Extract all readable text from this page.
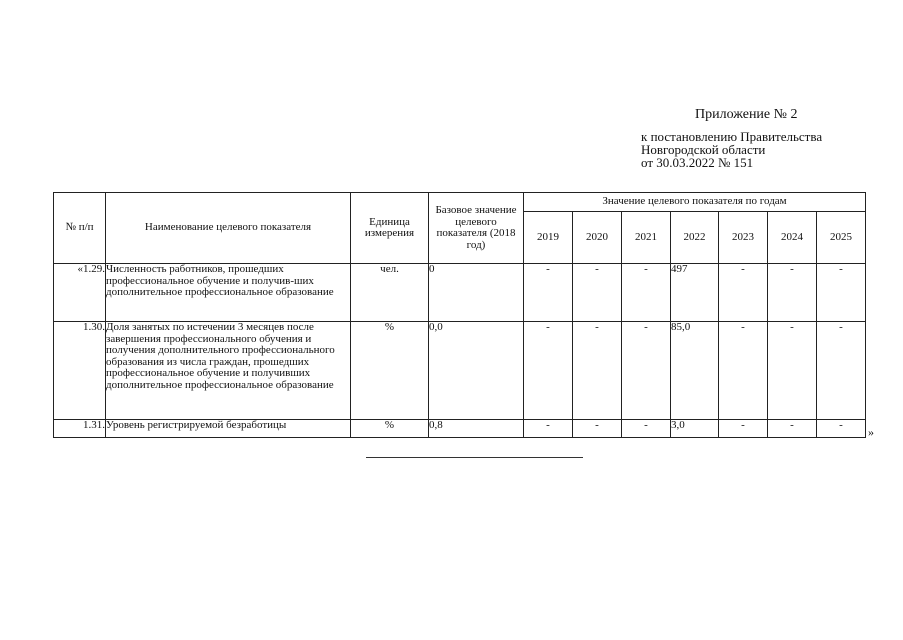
Приложение № 2
к постановлению Правительства
Новгородской области
от 30.03.2022 № 151
№ п/п	Наименование целевого показателя	Единица измерения	Базовое значение целевого показателя (2018 год)	Значение целевого показателя по годам						
				2019	2020	2021	2022	2023	2024	2025
«1.29.	Численность работников, прошедших профессиональное обучение и получив-ших дополнительное профессиональное образование	чел.	0	-	-	-	497	-	-	-
1.30.	Доля занятых по истечении 3 месяцев после завершения профессионального обучения и получения дополнительного профессионального образования из числа граждан, прошедших профессиональное обучение и получивших дополнительное профессиональное образование	%	0,0	-	-	-	85,0	-	-	-
1.31.	Уровень регистрируемой безработицы	%	0,8	-	-	-	3,0	-	-	- »
